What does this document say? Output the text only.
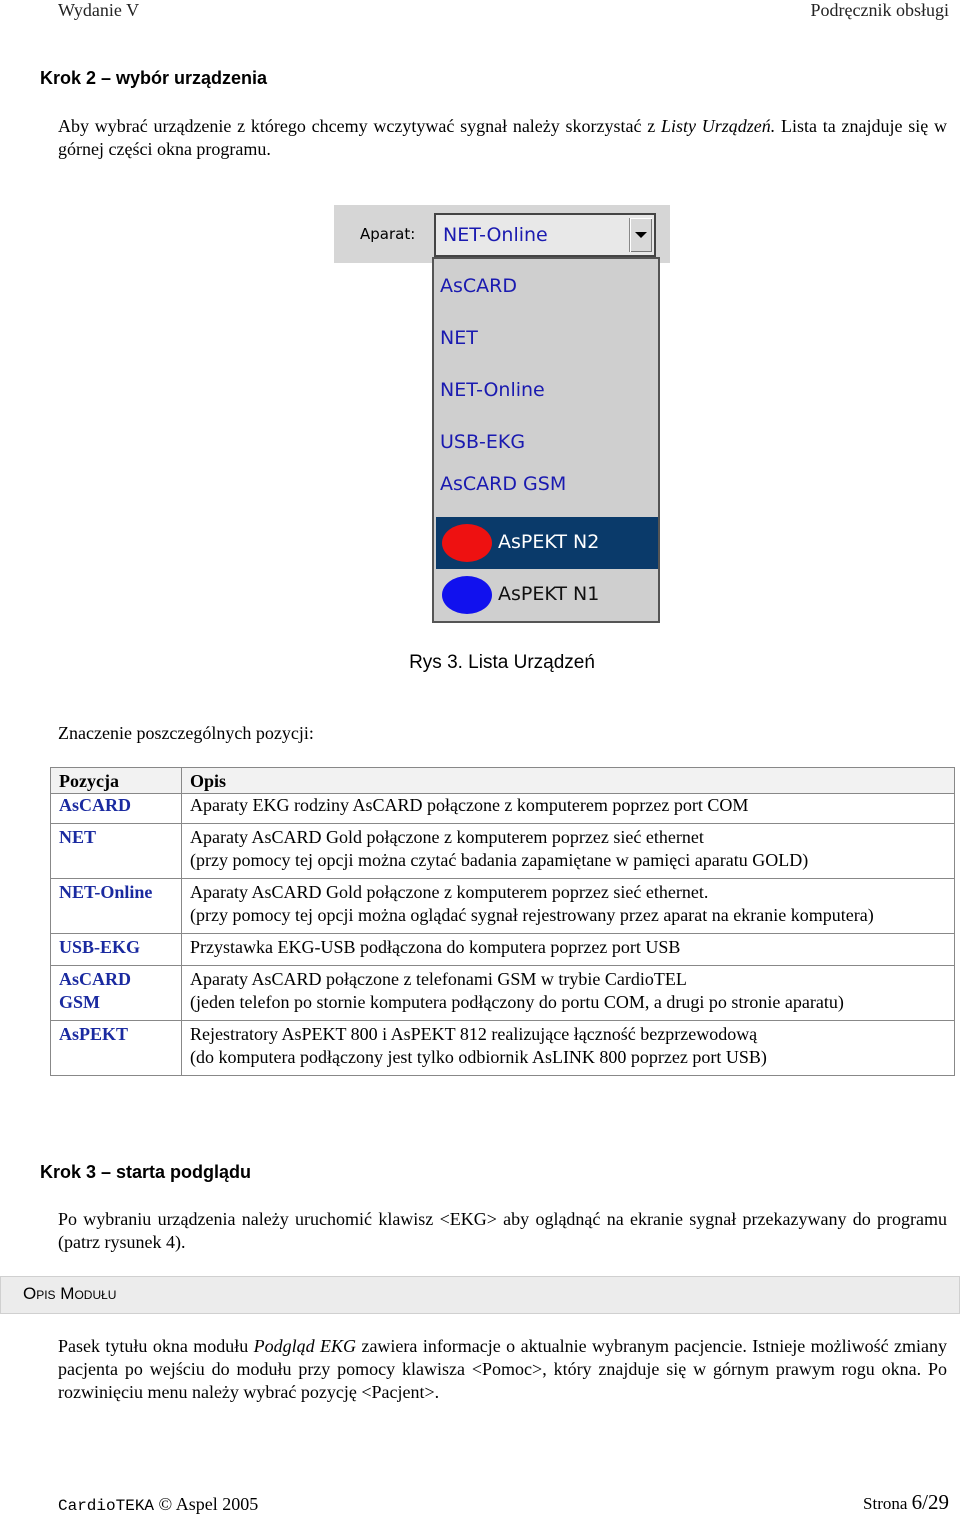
Wydanie V	Podręcznik obsługi
Krok 2 – wybór urządzenia
Aby wybrać urządzenie z którego chcemy wczytywać sygnał należy skorzystać z Listy Urządzeń. Lista ta znajduje się w górnej części okna programu.
Aparat: NET-Online
AsCARD
NET
NET-Online
USB-EKG
AsCARD GSM
AsPEKT N2
AsPEKT N1
Rys 3. Lista Urządzeń
Znaczenie poszczególnych pozycji:
Pozycja	Opis
AsCARD	Aparaty EKG rodziny AsCARD połączone z komputerem poprzez port COM

NET	Aparaty AsCARD Gold połączone z komputerem poprzez sieć ethernet
(przy pomocy tej opcji można czytać badania zapamiętane w pamięci aparatu GOLD)

NET-Online	Aparaty AsCARD Gold połączone z komputerem poprzez sieć ethernet.
(przy pomocy tej opcji można oglądać sygnał rejestrowany przez aparat na ekranie komputera)

USB-EKG	Przystawka EKG-USB podłączona do komputera poprzez port USB

AsCARD GSM	Aparaty AsCARD połączone z telefonami GSM w trybie CardioTEL
(jeden telefon po stornie komputera podłączony do portu COM, a drugi po stronie aparatu)

AsPEKT	Rejestratory AsPEKT 800 i AsPEKT 812 realizujące łączność bezprzewodową
(do komputera podłączony jest tylko odbiornik AsLINK 800 poprzez port USB)
Krok 3 – starta podglądu
Po wybraniu urządzenia należy uruchomić klawisz <EKG> aby oglądnąć na ekranie sygnał przekazywany do programu (patrz rysunek 4).
Opis Modułu
Pasek tytułu okna modułu Podgląd EKG zawiera informacje o aktualnie wybranym pacjencie. Istnieje możliwość zmiany pacjenta po wejściu do modułu przy pomocy klawisza <Pomoc>, który znajduje się w górnym prawym rogu okna. Po rozwinięciu menu należy wybrać pozycję <Pacjent>.
CardioTEKA © Aspel 2005	Strona 6/29
